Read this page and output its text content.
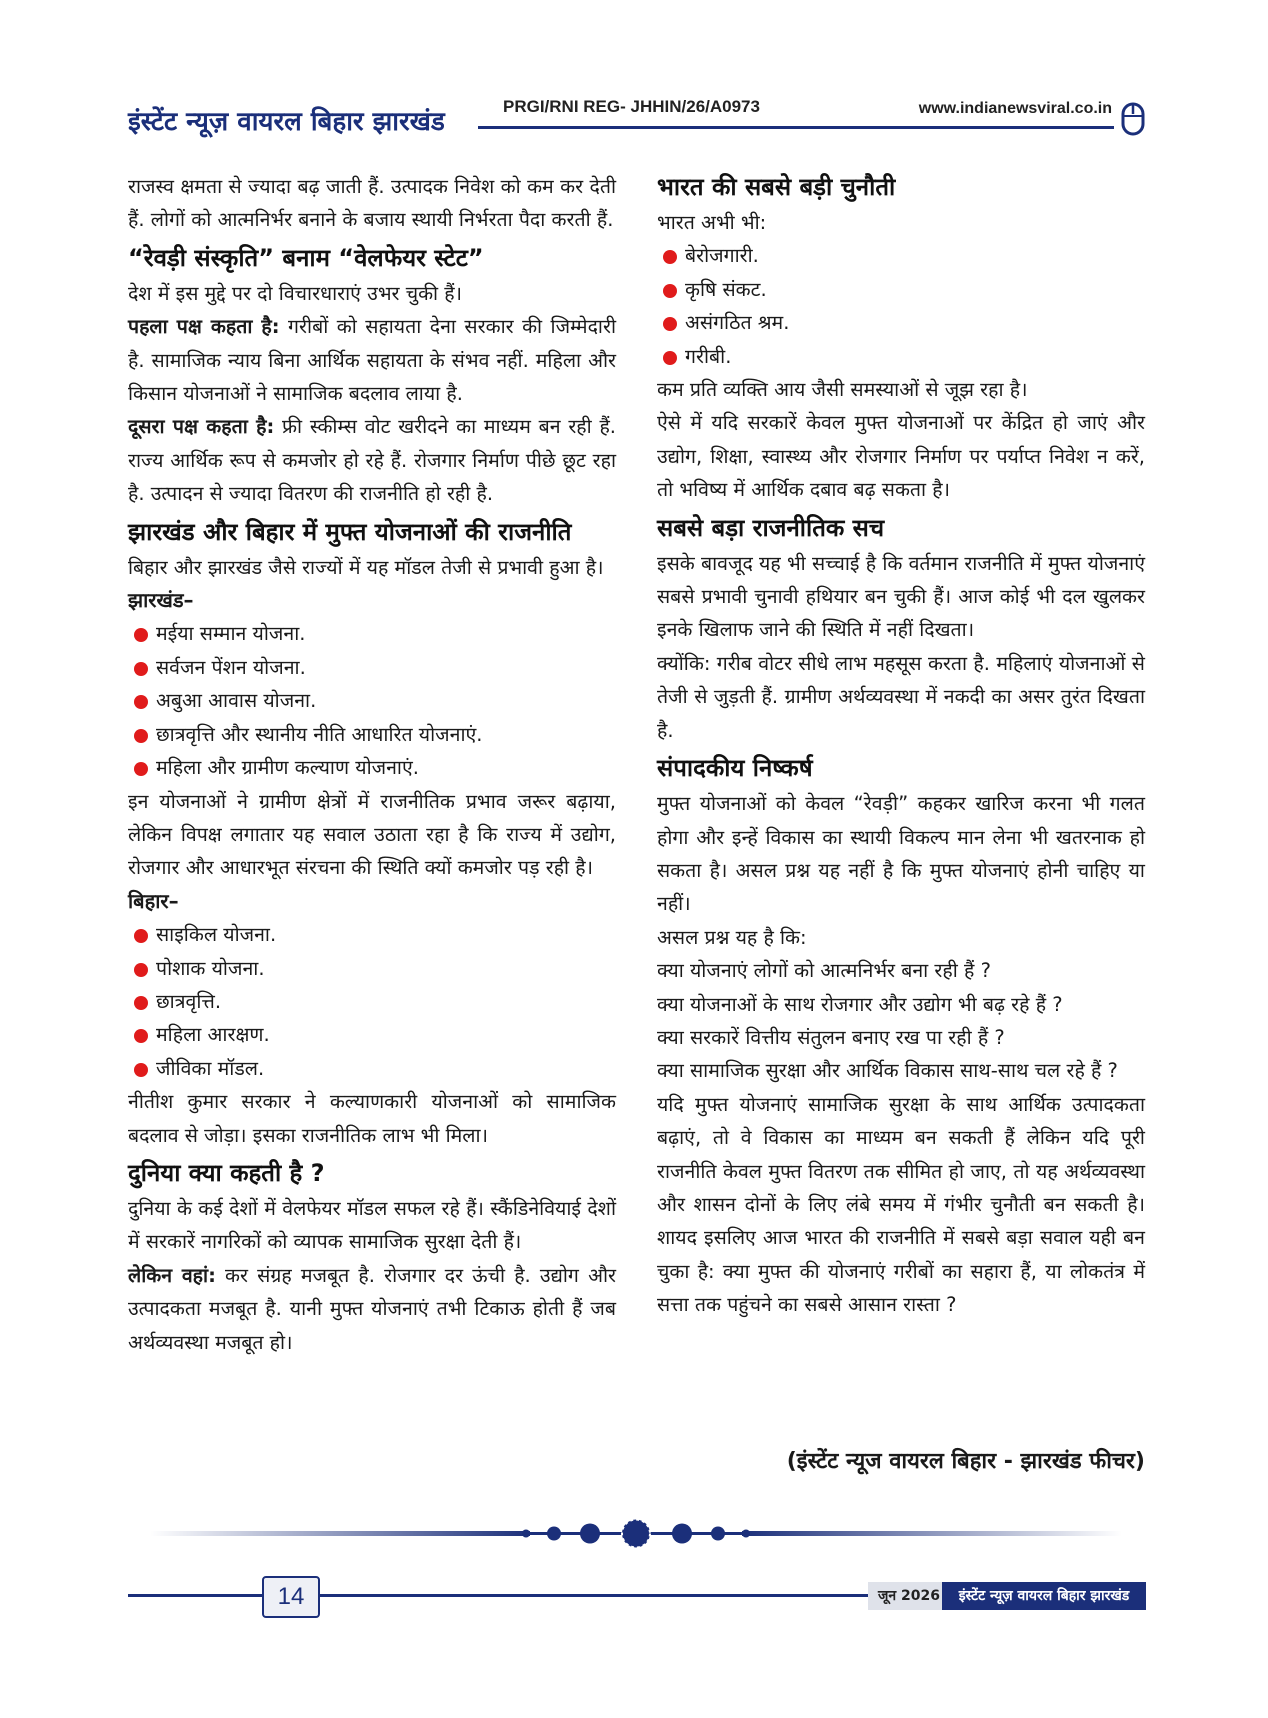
इंस्टेंट न्यूज़ वायरल बिहार झारखंड
PRGI/RNI REG- JHHIN/26/A0973	www.indianewsviral.co.in

राजस्व क्षमता से ज्यादा बढ़ जाती हैं. उत्पादक निवेश को कम कर देती हैं. लोगों को आत्मनिर्भर बनाने के बजाय स्थायी निर्भरता पैदा करती हैं.

“रेवड़ी संस्कृति” बनाम “वेलफेयर स्टेट”

देश में इस मुद्दे पर दो विचारधाराएं उभर चुकी हैं।

पहला पक्ष कहता है: गरीबों को सहायता देना सरकार की जिम्मेदारी है. सामाजिक न्याय बिना आर्थिक सहायता के संभव नहीं. महिला और किसान योजनाओं ने सामाजिक बदलाव लाया है.

दूसरा पक्ष कहता है: फ्री स्कीम्स वोट खरीदने का माध्यम बन रही हैं. राज्य आर्थिक रूप से कमजोर हो रहे हैं. रोजगार निर्माण पीछे छूट रहा है. उत्पादन से ज्यादा वितरण की राजनीति हो रही है.

झारखंड और बिहार में मुफ्त योजनाओं की राजनीति

बिहार और झारखंड जैसे राज्यों में यह मॉडल तेजी से प्रभावी हुआ है।

झारखंड–
मईया सम्मान योजना.
सर्वजन पेंशन योजना.
अबुआ आवास योजना.
छात्रवृत्ति और स्थानीय नीति आधारित योजनाएं.
महिला और ग्रामीण कल्याण योजनाएं.

इन योजनाओं ने ग्रामीण क्षेत्रों में राजनीतिक प्रभाव जरूर बढ़ाया, लेकिन विपक्ष लगातार यह सवाल उठाता रहा है कि राज्य में उद्योग, रोजगार और आधारभूत संरचना की स्थिति क्यों कमजोर पड़ रही है।

बिहार–
साइकिल योजना.
पोशाक योजना.
छात्रवृत्ति.
महिला आरक्षण.
जीविका मॉडल.

नीतीश कुमार सरकार ने कल्याणकारी योजनाओं को सामाजिक बदलाव से जोड़ा। इसका राजनीतिक लाभ भी मिला।

दुनिया क्या कहती है ?

दुनिया के कई देशों में वेलफेयर मॉडल सफल रहे हैं। स्कैंडिनेवियाई देशों में सरकारें नागरिकों को व्यापक सामाजिक सुरक्षा देती हैं।

लेकिन वहां: कर संग्रह मजबूत है. रोजगार दर ऊंची है. उद्योग और उत्पादकता मजबूत है. यानी मुफ्त योजनाएं तभी टिकाऊ होती हैं जब अर्थव्यवस्था मजबूत हो।

भारत की सबसे बड़ी चुनौती

भारत अभी भी:

बेरोजगारी.
कृषि संकट.
असंगठित श्रम.
गरीबी.

कम प्रति व्यक्ति आय जैसी समस्याओं से जूझ रहा है।

ऐसे में यदि सरकारें केवल मुफ्त योजनाओं पर केंद्रित हो जाएं और उद्योग, शिक्षा, स्वास्थ्य और रोजगार निर्माण पर पर्याप्त निवेश न करें, तो भविष्य में आर्थिक दबाव बढ़ सकता है।

सबसे बड़ा राजनीतिक सच

इसके बावजूद यह भी सच्चाई है कि वर्तमान राजनीति में मुफ्त योजनाएं सबसे प्रभावी चुनावी हथियार बन चुकी हैं। आज कोई भी दल खुलकर इनके खिलाफ जाने की स्थिति में नहीं दिखता।

क्योंकि: गरीब वोटर सीधे लाभ महसूस करता है. महिलाएं योजनाओं से तेजी से जुड़ती हैं. ग्रामीण अर्थव्यवस्था में नकदी का असर तुरंत दिखता है.

संपादकीय निष्कर्ष

मुफ्त योजनाओं को केवल “रेवड़ी” कहकर खारिज करना भी गलत होगा और इन्हें विकास का स्थायी विकल्प मान लेना भी खतरनाक हो सकता है। असल प्रश्न यह नहीं है कि मुफ्त योजनाएं होनी चाहिए या नहीं।

असल प्रश्न यह है कि:

क्या योजनाएं लोगों को आत्मनिर्भर बना रही हैं ?

क्या योजनाओं के साथ रोजगार और उद्योग भी बढ़ रहे हैं ?

क्या सरकारें वित्तीय संतुलन बनाए रख पा रही हैं ?

क्या सामाजिक सुरक्षा और आर्थिक विकास साथ-साथ चल रहे हैं ?

यदि मुफ्त योजनाएं सामाजिक सुरक्षा के साथ आर्थिक उत्पादकता बढ़ाएं, तो वे विकास का माध्यम बन सकती हैं लेकिन यदि पूरी राजनीति केवल मुफ्त वितरण तक सीमित हो जाए, तो यह अर्थव्यवस्था और शासन दोनों के लिए लंबे समय में गंभीर चुनौती बन सकती है। शायद इसलिए आज भारत की राजनीति में सबसे बड़ा सवाल यही बन चुका है: क्या मुफ्त की योजनाएं गरीबों का सहारा हैं, या लोकतंत्र में सत्ता तक पहुंचने का सबसे आसान रास्ता ?

(इंस्टेंट न्यूज वायरल बिहार - झारखंड फीचर)
14	जून 2026	इंस्टेंट न्यूज़ वायरल बिहार झारखंड
